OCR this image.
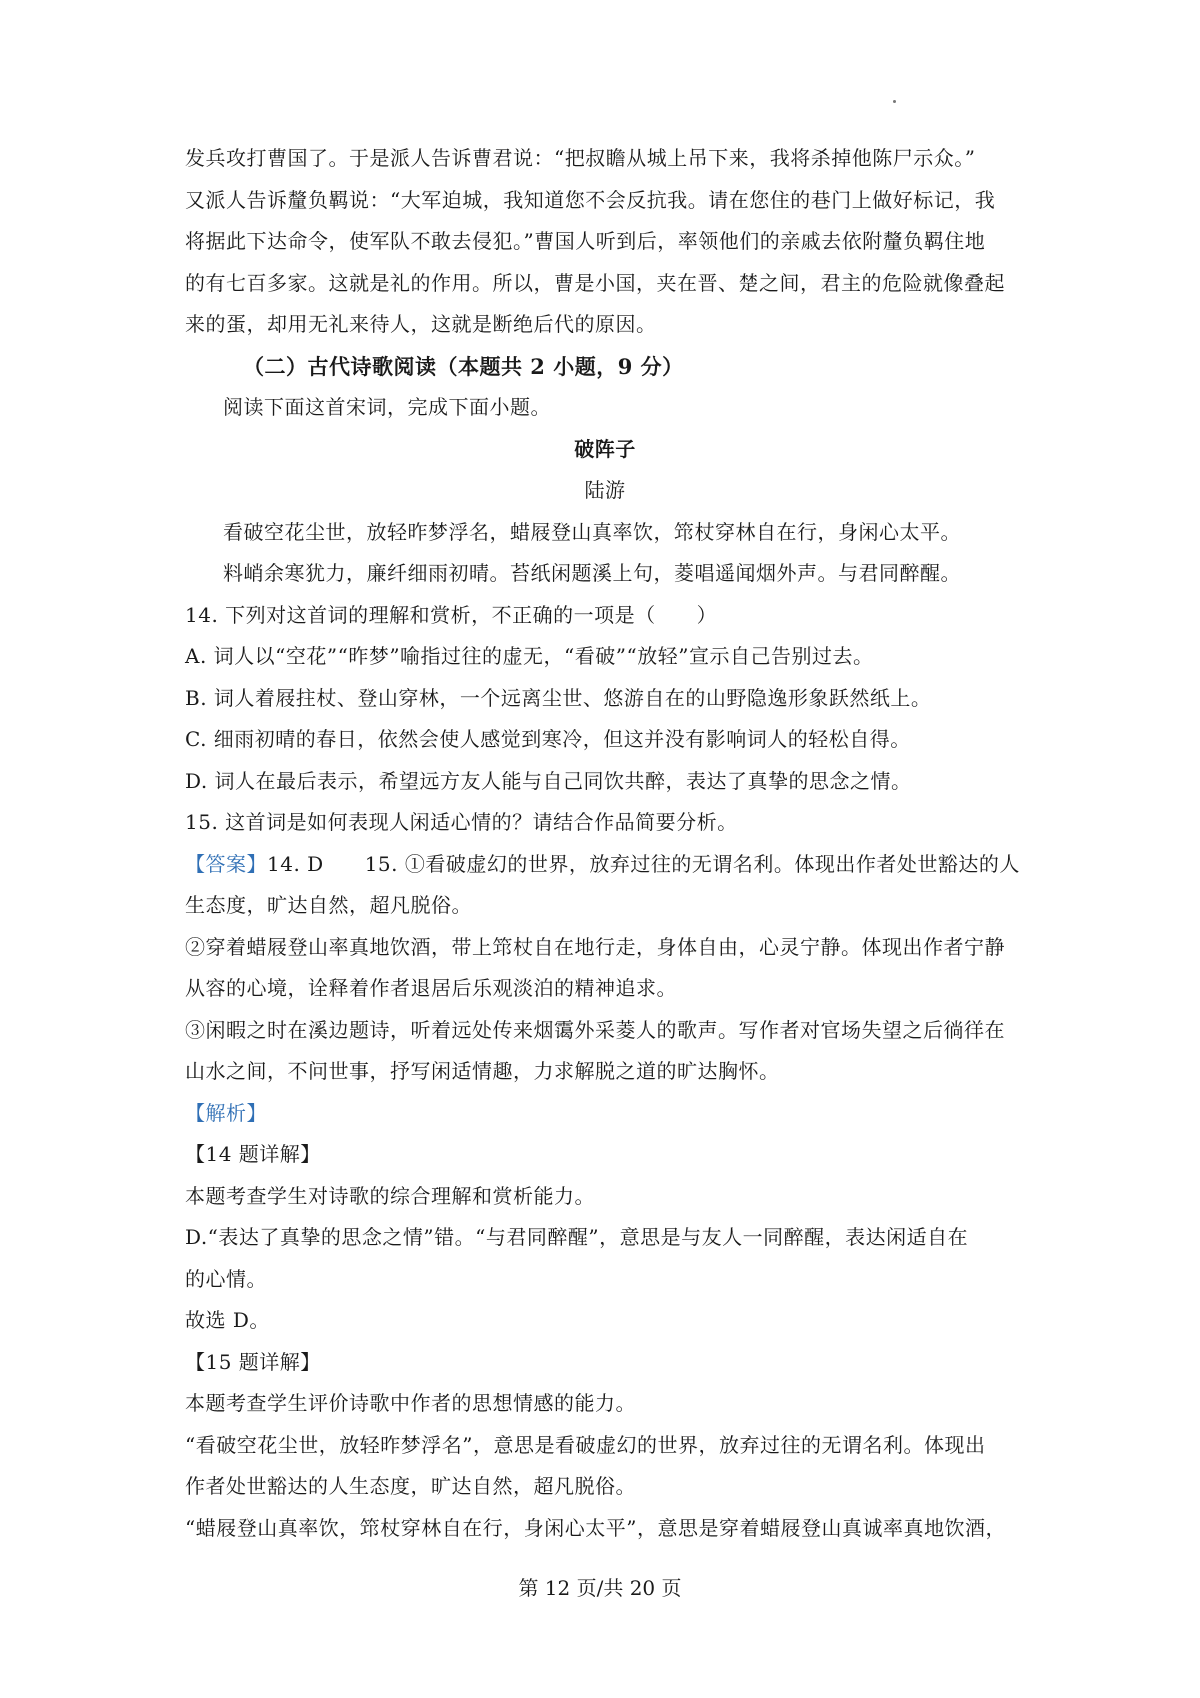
发兵攻打曹国了。于是派人告诉曹君说：“把叔瞻从城上吊下来，我将杀掉他陈尸示众。”
又派人告诉釐负羁说：“大军迫城，我知道您不会反抗我。请在您住的巷门上做好标记，我
将据此下达命令，使军队不敢去侵犯。”曹国人听到后，率领他们的亲戚去依附釐负羁住地
的有七百多家。这就是礼的作用。所以，曹是小国，夹在晋、楚之间，君主的危险就像叠起
来的蛋，却用无礼来待人，这就是断绝后代的原因。
（二）古代诗歌阅读（本题共 2 小题，9 分）
阅读下面这首宋词，完成下面小题。
破阵子
陆游
看破空花尘世，放轻昨梦浮名，蜡屐登山真率饮，筇杖穿林自在行，身闲心太平。
料峭余寒犹力，廉纤细雨初晴。苔纸闲题溪上句，菱唱遥闻烟外声。与君同醉醒。
14. 下列对这首词的理解和赏析，不正确的一项是（　　）
A. 词人以“空花”“昨梦”喻指过往的虚无，“看破”“放轻”宣示自己告别过去。
B. 词人着屐拄杖、登山穿林，一个远离尘世、悠游自在的山野隐逸形象跃然纸上。
C. 细雨初晴的春日，依然会使人感觉到寒冷，但这并没有影响词人的轻松自得。
D. 词人在最后表示，希望远方友人能与自己同饮共醉，表达了真挚的思念之情。
15. 这首词是如何表现人闲适心情的？请结合作品简要分析。
【答案】14. D　　15. ①看破虚幻的世界，放弃过往的无谓名利。体现出作者处世豁达的人
生态度，旷达自然，超凡脱俗。
②穿着蜡屐登山率真地饮酒，带上筇杖自在地行走，身体自由，心灵宁静。体现出作者宁静
从容的心境，诠释着作者退居后乐观淡泊的精神追求。
③闲暇之时在溪边题诗，听着远处传来烟霭外采菱人的歌声。写作者对官场失望之后徜徉在
山水之间，不问世事，抒写闲适情趣，力求解脱之道的旷达胸怀。
【解析】
【14 题详解】
本题考查学生对诗歌的综合理解和赏析能力。
D.“表达了真挚的思念之情”错。“与君同醉醒”，意思是与友人一同醉醒，表达闲适自在
的心情。
故选 D。
【15 题详解】
本题考查学生评价诗歌中作者的思想情感的能力。
“看破空花尘世，放轻昨梦浮名”，意思是看破虚幻的世界，放弃过往的无谓名利。体现出
作者处世豁达的人生态度，旷达自然，超凡脱俗。
“蜡屐登山真率饮，筇杖穿林自在行，身闲心太平”，意思是穿着蜡屐登山真诚率真地饮酒，
第 12 页/共 20 页
